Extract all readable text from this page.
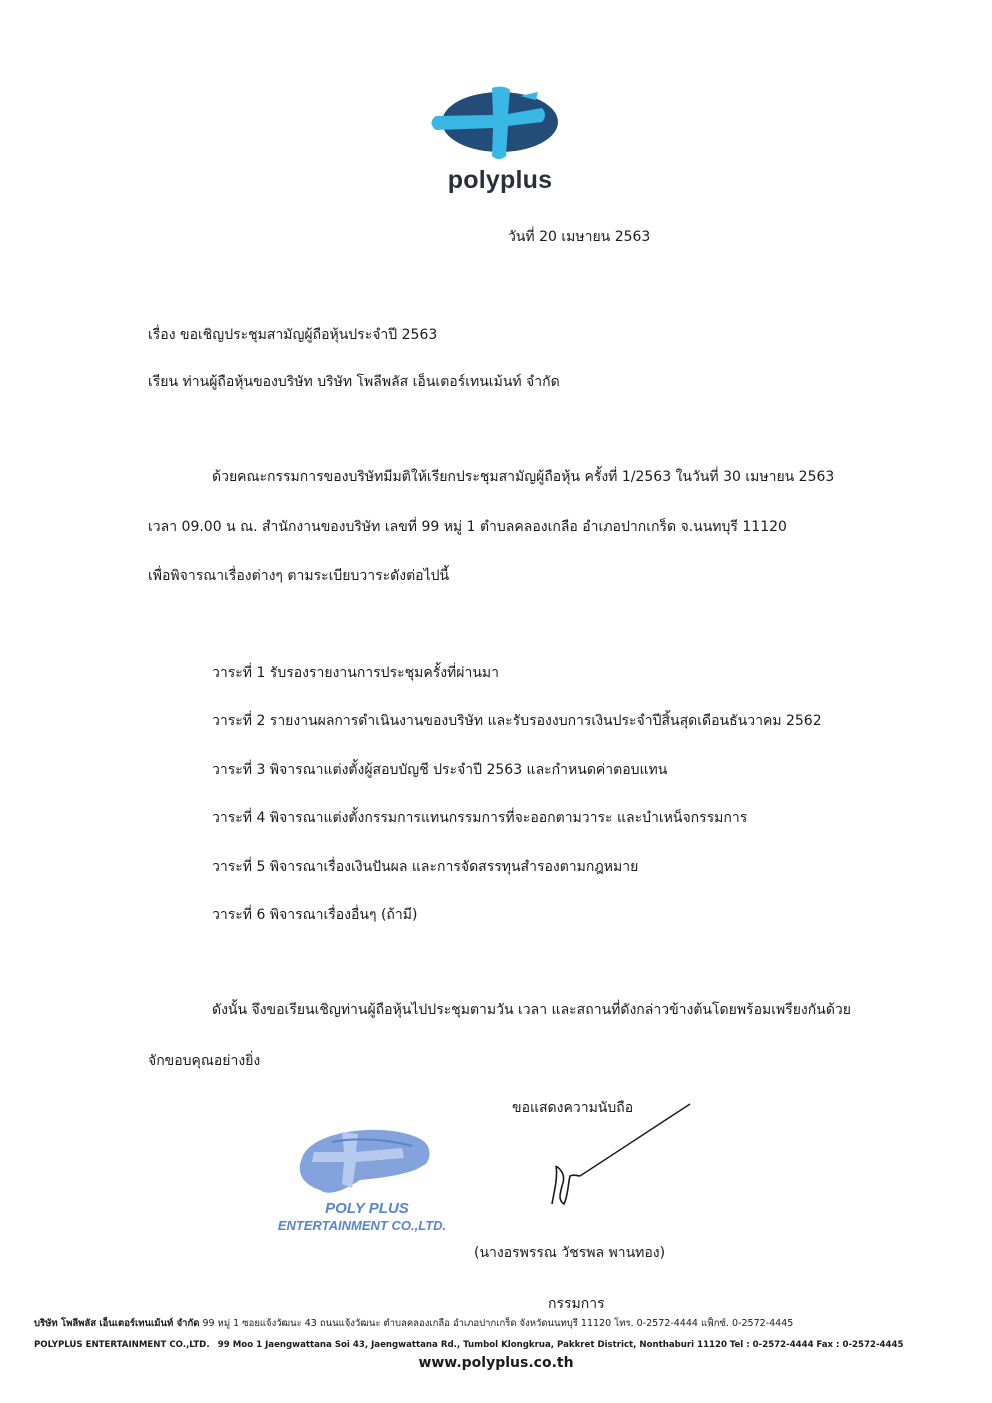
polyplus
วันที่ 20 เมษายน 2563
เรื่อง ขอเชิญประชุมสามัญผู้ถือหุ้นประจำปี 2563
เรียน ท่านผู้ถือหุ้นของบริษัท บริษัท โพลีพลัส เอ็นเตอร์เทนเม้นท์ จำกัด
ด้วยคณะกรรมการของบริษัทมีมติให้เรียกประชุมสามัญผู้ถือหุ้น ครั้งที่ 1/2563 ในวันที่ 30 เมษายน 2563
เวลา 09.00 น ณ. สำนักงานของบริษัท เลขที่ 99 หมู่ 1 ตำบลคลองเกลือ อำเภอปากเกร็ด จ.นนทบุรี 11120
เพื่อพิจารณาเรื่องต่างๆ ตามระเบียบวาระดังต่อไปนี้
วาระที่ 1 รับรองรายงานการประชุมครั้งที่ผ่านมา
วาระที่ 2 รายงานผลการดำเนินงานของบริษัท และรับรองงบการเงินประจำปีสิ้นสุดเดือนธันวาคม 2562
วาระที่ 3 พิจารณาแต่งตั้งผู้สอบบัญชี ประจำปี 2563 และกำหนดค่าตอบแทน
วาระที่ 4 พิจารณาแต่งตั้งกรรมการแทนกรรมการที่จะออกตามวาระ และบำเหน็จกรรมการ
วาระที่ 5 พิจารณาเรื่องเงินปันผล และการจัดสรรทุนสำรองตามกฎหมาย
วาระที่ 6 พิจารณาเรื่องอื่นๆ (ถ้ามี)
ดังนั้น จึงขอเรียนเชิญท่านผู้ถือหุ้นไปประชุมตามวัน เวลา และสถานที่ดังกล่าวข้างต้นโดยพร้อมเพรียงกันด้วย
จักขอบคุณอย่างยิ่ง
ขอแสดงความนับถือ
POLY PLUS
ENTERTAINMENT CO.,LTD.
(นางอรพรรณ วัชรพล พานทอง)
กรรมการ
บริษัท โพลีพลัส เอ็นเตอร์เทนเม้นท์ จำกัด 99 หมู่ 1 ซอยแจ้งวัฒนะ 43 ถนนแจ้งวัฒนะ ตำบลคลองเกลือ อำเภอปากเกร็ด จังหวัดนนทบุรี 11120 โทร. 0-2572-4444 แฟ็กซ์. 0-2572-4445
POLYPLUS ENTERTAINMENT CO.,LTD. 99 Moo 1 Jaengwattana Soi 43, Jaengwattana Rd., Tumbol Klongkrua, Pakkret District, Nonthaburi 11120 Tel : 0-2572-4444 Fax : 0-2572-4445
www.polyplus.co.th
